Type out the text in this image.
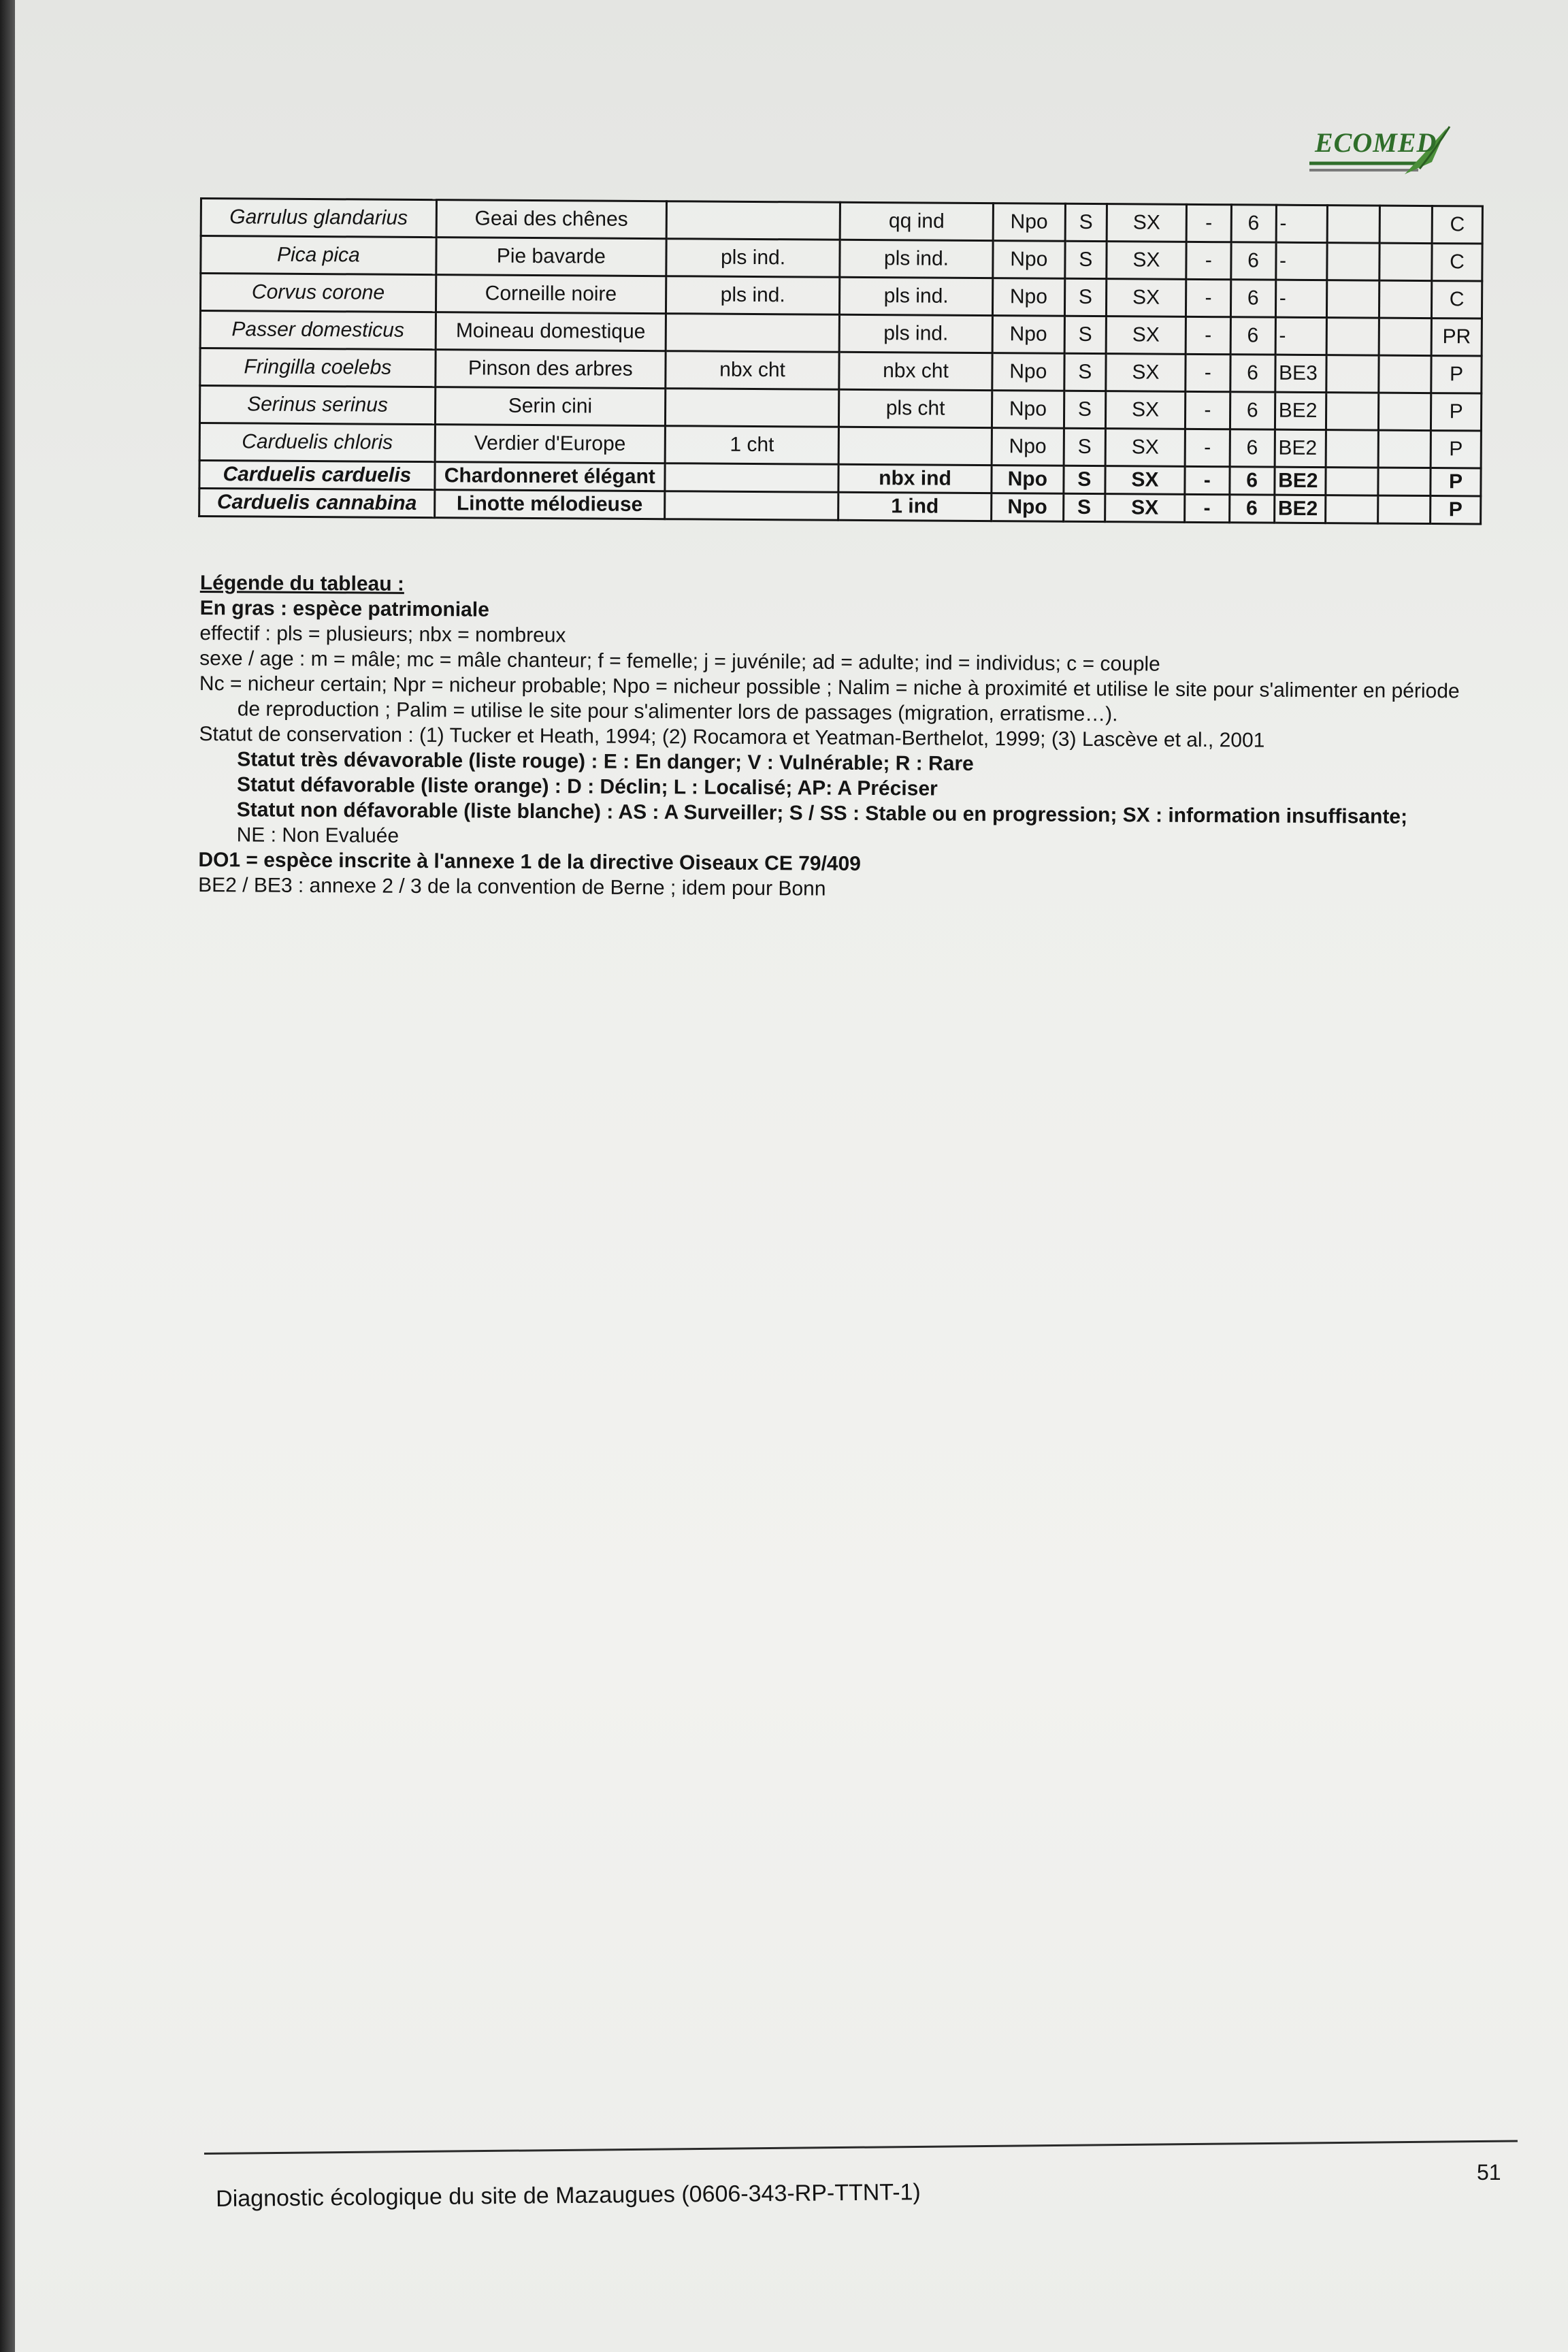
ECOMED
Garrulus glandarius	Geai des chênes		qq ind	Npo	S	SX	-	6	-			C
Pica pica	Pie bavarde	pls ind.	pls ind.	Npo	S	SX	-	6	-			C
Corvus corone	Corneille noire	pls ind.	pls ind.	Npo	S	SX	-	6	-			C
Passer domesticus	Moineau domestique		pls ind.	Npo	S	SX	-	6	-			PR
Fringilla coelebs	Pinson des arbres	nbx cht	nbx cht	Npo	S	SX	-	6	BE3			P
Serinus serinus	Serin cini		pls cht	Npo	S	SX	-	6	BE2			P
Carduelis chloris	Verdier d'Europe	1 cht		Npo	S	SX	-	6	BE2			P
Carduelis carduelis	Chardonneret élégant		nbx ind	Npo	S	SX	-	6	BE2			P
Carduelis cannabina	Linotte mélodieuse		1 ind	Npo	S	SX	-	6	BE2			P
Légende du tableau :
En gras : espèce patrimoniale
effectif : pls = plusieurs; nbx = nombreux
sexe / age : m = mâle; mc = mâle chanteur; f = femelle; j = juvénile; ad = adulte; ind = individus; c = couple
Nc = nicheur certain; Npr = nicheur probable; Npo = nicheur possible ; Nalim = niche à proximité et utilise le site pour s'alimenter en période de reproduction ; Palim = utilise le site pour s'alimenter lors de passages (migration, erratisme…).
Statut de conservation : (1) Tucker et Heath, 1994; (2) Rocamora et Yeatman-Berthelot, 1999; (3) Lascève et al., 2001
Statut très dévavorable (liste rouge) : E : En danger; V : Vulnérable; R : Rare
Statut défavorable (liste orange) : D : Déclin; L : Localisé; AP: A Préciser
Statut non défavorable (liste blanche) : AS : A Surveiller; S / SS : Stable ou en progression; SX : information insuffisante;
NE : Non Evaluée
DO1 = espèce inscrite à l'annexe 1 de la directive Oiseaux CE 79/409
BE2 / BE3 : annexe 2 / 3 de la convention de Berne ; idem pour Bonn
Diagnostic écologique du site de Mazaugues (0606-343-RP-TTNT-1)
51
